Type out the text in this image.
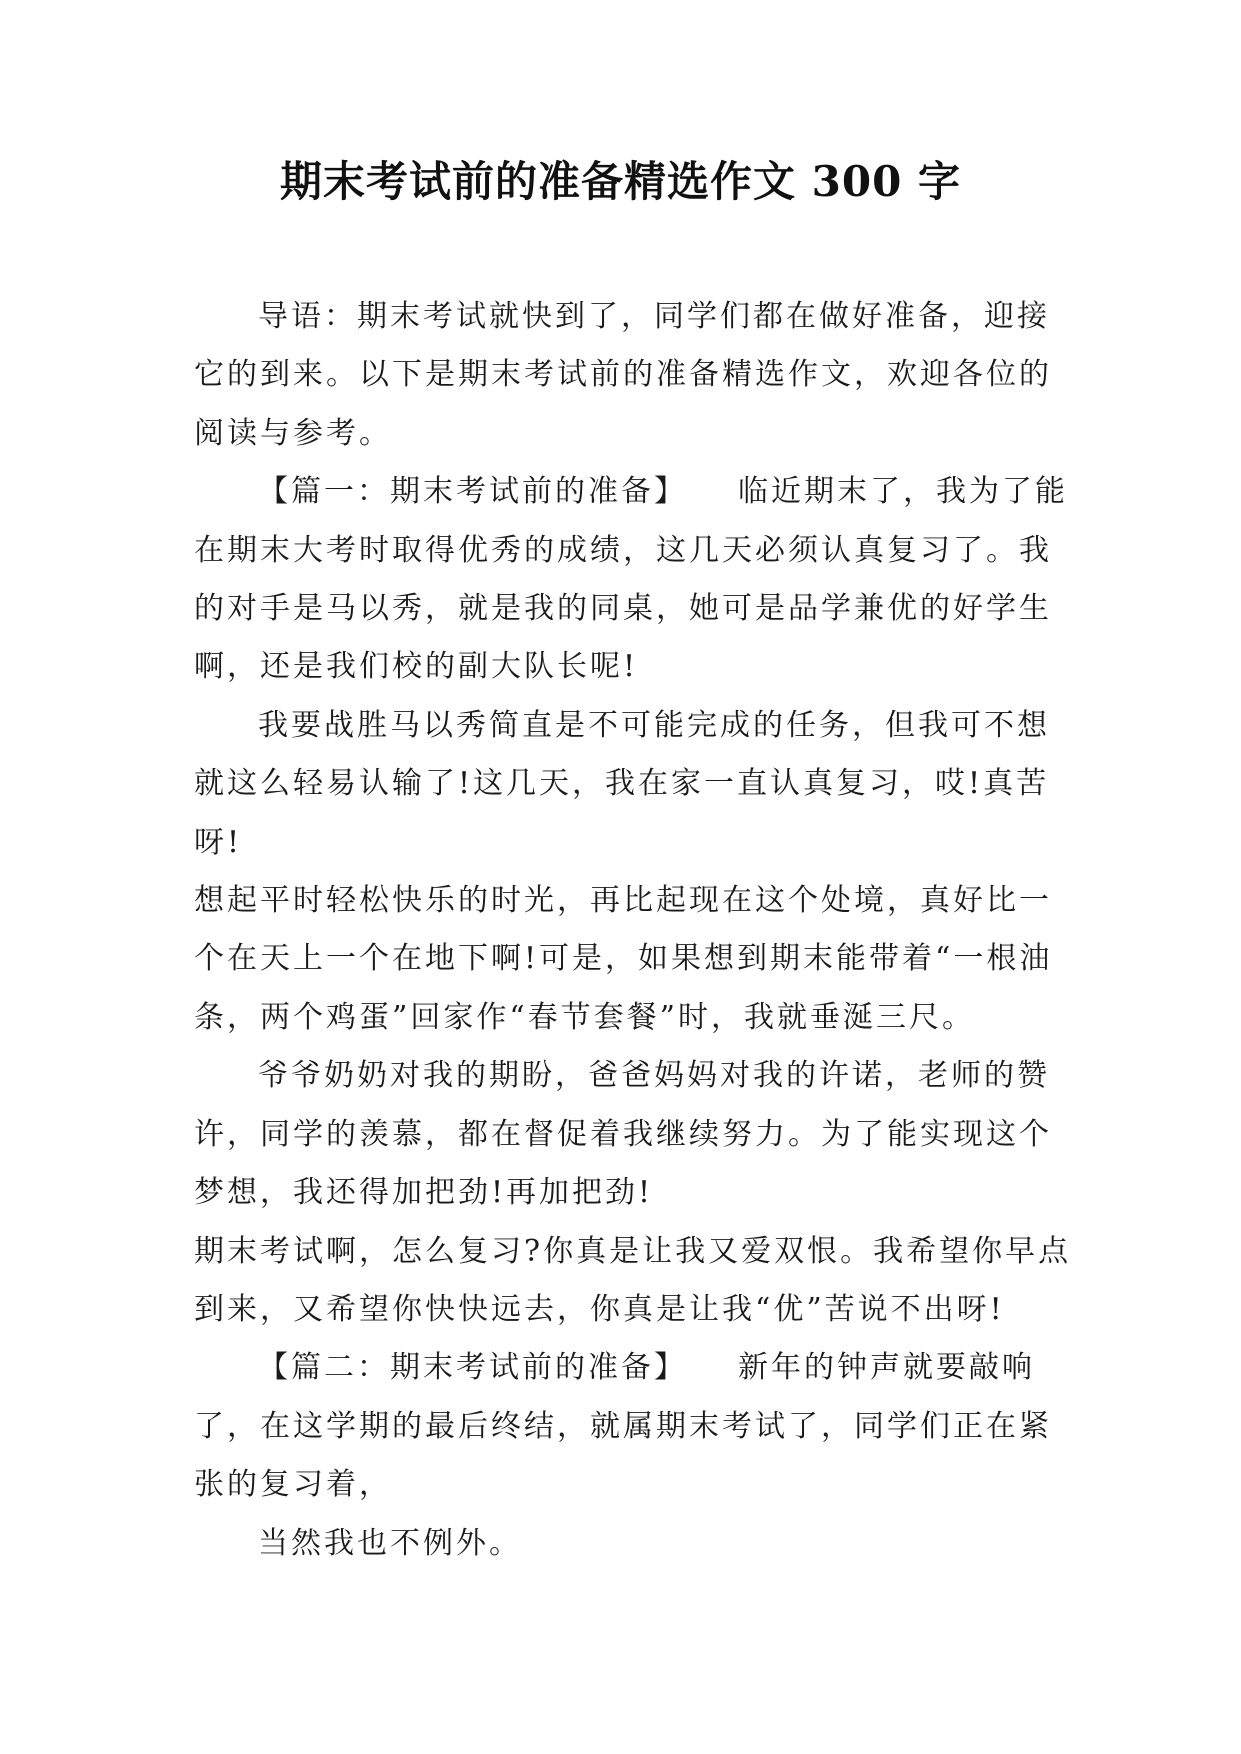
期末考试前的准备精选作文 300 字

导语：期末考试就快到了，同学们都在做好准备，迎接它的到来。以下是期末考试前的准备精选作文，欢迎各位的阅读与参考。

【篇一：期末考试前的准备】　　临近期末了，我为了能在期末大考时取得优秀的成绩，这几天必须认真复习了。我的对手是马以秀，就是我的同桌，她可是品学兼优的好学生啊，还是我们校的副大队长呢!

我要战胜马以秀简直是不可能完成的任务，但我可不想就这么轻易认输了!这几天，我在家一直认真复习，哎!真苦呀!

想起平时轻松快乐的时光，再比起现在这个处境，真好比一个在天上一个在地下啊!可是，如果想到期末能带着“一根油条，两个鸡蛋”回家作“春节套餐”时，我就垂涎三尺。

爷爷奶奶对我的期盼，爸爸妈妈对我的许诺，老师的赞许，同学的羡慕，都在督促着我继续努力。为了能实现这个梦想，我还得加把劲!再加把劲!

期末考试啊，怎么复习?你真是让我又爱双恨。我希望你早点到来，又希望你快快远去，你真是让我“优”苦说不出呀!

【篇二：期末考试前的准备】　　新年的钟声就要敲响了，在这学期的最后终结，就属期末考试了，同学们正在紧张的复习着，

当然我也不例外。
